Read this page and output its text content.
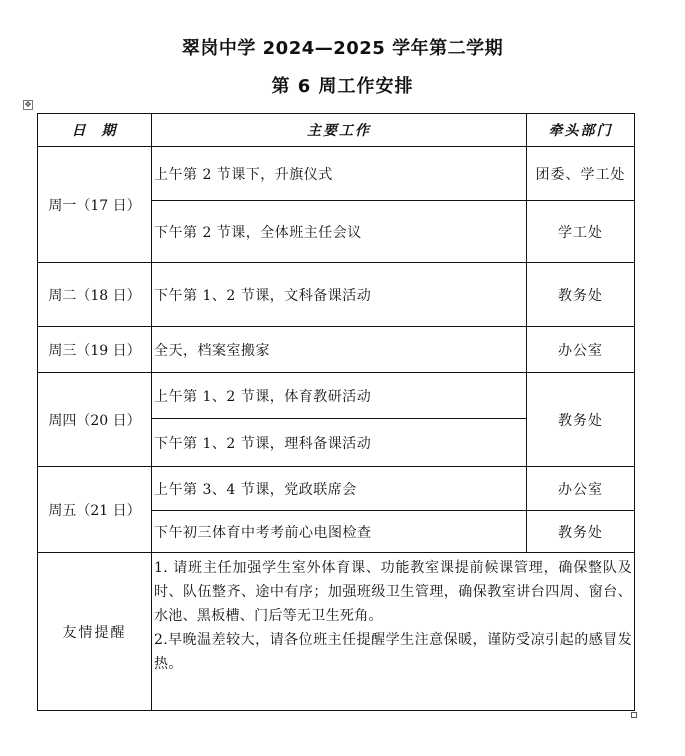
翠岗中学 2024—2025 学年第二学期
第 6 周工作安排
✥
日  期	主要工作	牵头部门
周一（17 日）	上午第 2 节课下，升旗仪式	团委、学工处
	下午第 2 节课，全体班主任会议	学工处
周二（18 日）	下午第 1、2 节课，文科备课活动	教务处
周三（19 日）	全天，档案室搬家	办公室
周四（20 日）	上午第 1、2 节课，体育教研活动	教务处
	下午第 1、2 节课，理科备课活动	
周五（21 日）	上午第 3、4 节课，党政联席会	办公室
	下午初三体育中考考前心电图检查	教务处
友情提醒	1. 请班主任加强学生室外体育课、功能教室课提前候课管理，确保整队及时、队伍整齐、途中有序；加强班级卫生管理，确保教室讲台四周、窗台、水池、黑板槽、门后等无卫生死角。

2.早晚温差较大，请各位班主任提醒学生注意保暖，谨防受凉引起的感冒发热。	
